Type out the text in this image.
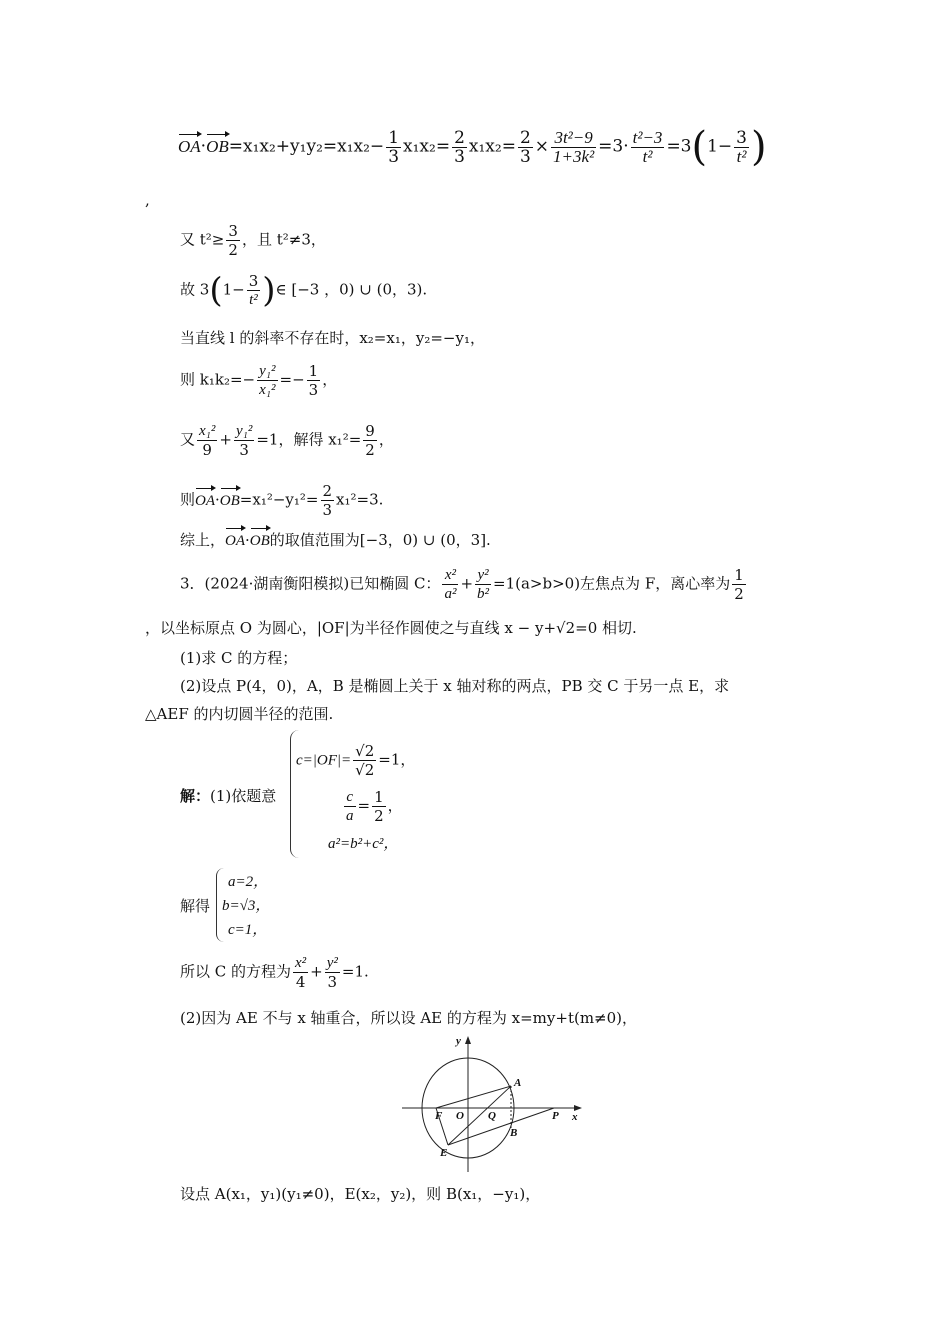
$OA\cdot OB=x_1x_2+y_1y_2=x_1x_2- \frac{1}{3} x_1x_2= \frac{2}{3} x_1x_2= \frac{2}{3} \times \frac{\text{3t²−9}}{\text{1+3k²}} =3\cdot \frac{\text{t²−3}}{\text{t²}} =3(1- \frac{3}{\text{t²}}$ )
,
又 $t^2\ge \frac{3}{2}$ ，且 t²≠3，
故 $3(1- \frac{3}{\text{t²}}$ )∈ [−3 ，0) ∪ (0，3).
当直线 l 的斜率不存在时，x₂=x₁，y₂=−y₁，
则 $k_1k_2=- \frac{\text{y₁²}}{\text{x₁²}} =- \frac{1}{3}$ ，
又 $\frac{\text{x₁²}}{9} + \frac{\text{y₁²}}{3} =1$，解得 $x_1^2= \frac{9}{2}$ ，
则$OA\cdot OB=x_1^2-y_1^2= \frac{2}{3} x_1^2=3$.
综上，OA·OB的取值范围为[−3，0) ∪ (0，3].
3．(2024·湖南衡阳模拟)已知椭圆 C： $\frac{\text{x²}}{\text{a²}} + \frac{\text{y²}}{\text{b²}} =1(a>b>0)$左焦点为 F，离心率为 $\frac{1}{2}$
，以坐标原点 O 为圆心，|OF|为半径作圆使之与直线 x − y+√2=0 相切.
(1)求 C 的方程；
(2)设点 P(4，0)，A，B 是椭圆上关于 x 轴对称的两点，PB 交 C 于另一点 E，求
△AEF 的内切圆半径的范围.
解：(1)依题意
$c=|OF|= \frac{√2}{√2} =1$，
$\frac{c}{a} = \frac{1}{2}$ ，
a²=b²+c²，
解得
a=2，
b=√3，
c=1，
所以 C 的方程为 $\frac{\text{x²}}{4} + \frac{\text{y²}}{3} =1$.
(2)因为 AE 不与 x 轴重合，所以设 AE 的方程为 x=my+t(m≠0)，
y
x
A
B
E
F O Q	P
设点 A(x₁，y₁)(y₁≠0)，E(x₂，y₂)，则 B(x₁，−y₁)，
